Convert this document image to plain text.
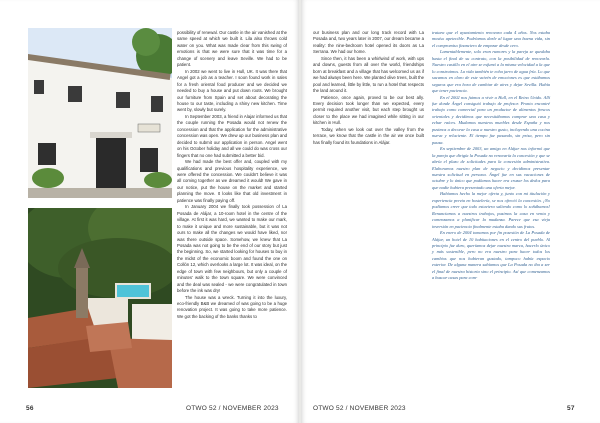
possibility of renewal. Our castle in the air vanished at the same speed at which we built it. Lila also throws cold water on you. What was made clear from this swing of emotions is that we were sure that it was time for a change of scenery and leave Seville. We had to be patient.

In 2002 we went to live in Hull, UK. It was there that Angel got a job as a teacher. I soon found work in sales for a fresh oriental food producer and we decided we needed to buy a house and put down roots. We brought our furniture from Spain and set about decorating the house to our taste, including a shiny new kitchen. Time went by, slowly but surely.

In September 2003, a friend in Alajar informed us that the couple running the Posada would not renew the concession and that the application for the administrative concession was open. We drew up our business plan and decided to submit our application in person. Angel went on his October holiday and all we could do was cross our fingers that no one had submitted a better bid.

We had made the best offer and, coupled with my qualifications and previous hospitality experience, we were offered the concession. We couldn't believe it was all coming together as we dreamed it would! We gave in our notice, put the house on the market and started planning the move. It looks like that old investment in patience was finally paying off.

In January 2004 we finally took possession of La Posada de Alájar, a 10-room hotel in the centre of the village. At first it was hard, we wanted to make our mark, to make it unique and more sustainable, but it was not ours to make all the changes we would have liked, nor was there outside space. Somehow, we knew that La Posada was not going to be the end of our story but just the beginning. So, we started looking for houses to buy in the midst of the economic boom and found the one on Collón 12, which overlooks a large lot. It was ideal, on the edge of town with few neighbours, but only a couple of minutes' walk to the town square. We were convinced and the deal was sealed - we were congratulated in town before the ink was dry!

The house was a wreck. Turning it into the luxury, eco-friendly B&B we dreamed of was going to be a huge renovation project. It was going to take more patience. We got the backing of the banks thanks to

56	OTWO 52 / NOVEMBER 2023

our business plan and our long track record with La Posada and, two years later in 2007, our dream became a reality: the nine-bedroom hotel opened its doors as La Serrana. We had our home.

Since then, it has been a whirlwind of work, with ups and downs, guests from all over the world, friendships born at breakfast and a village that has welcomed us as if we had always been here. We planted olive trees, built the pool and learned, little by little, to run a hotel that respects the land around it.

Patience, once again, proved to be our best ally. Every decision took longer than we expected, every permit required another visit, but each step brought us closer to the place we had imagined while sitting in our kitchen in Hull.

Today, when we look out over the valley from the terrace, we know that the castle in the air we once built has finally found its foundations in Alájar.

tratara que el ayuntamiento renovara cada 4 años. Nos estaba mosíso apetecible. Podríamos darle al lugar una buena vida, sin el compromiso financiero de empezar desde cero.

Lamentablemente, solo eran rumores y la pareja se quedaba hasta el final de su contrato, con la posibilidad de renovarla. Nuestro castillo en el aire se esfumó a la misma velocidad a la que lo construimos. La vida también te echa jarro de agua fría. Lo que sacamos en claro de este vaivén de emociones es que estábamos seguros que era hora de cambiar de aires y dejar Sevilla. Había que tener paciencia.

En el 2002 nos fuimos a vivir a Hull, en el Reino Unido. Allí fue donde Ángel consiguió trabajo de profesor. Pronto encontré trabajo como comercial para un productor de alimentos frescos orientales y decidimos que necesitábamos comprar una casa y echar raíces. Mudamos nuestros muebles desde España y nos pusimos a decorar la casa a nuestro gusto, incluyendo una cocina nueva y reluciente. El tiempo fue pasando, sin prisa, pero sin pausa.

En septiembre de 2003, un amigo en Alájar nos informó que la pareja que dirigía la Posada no renovaría la concesión y que se abría el plazo de solicitudes para la concesión administrativa. Elaboramos nuestro plan de negocio y decidimos presentar nuestra solicitud en persona. Ángel fue en sus vacaciones de octubre y lo único que podíamos hacer era cruzar los dedos para que nadie hubiera presentado una oferta mejor.

Habíamos hecho la mejor oferta y, junto con mi titulación y experiencia previa en hostelería, se nos ofreció la concesión. ¡No podíamos creer que todo estuviera saliendo como lo soñábamos! Renunciamos a nuestros trabajos, pusimos la casa en venta y comenzamos a planificar la mudanza. Parece que esa vieja inversión en paciencia finalmente estaba dando sus frutos.

En enero de 2004 tomamos por fin posesión de La Posada de Alájar, un hotel de 10 habitaciones en el centro del pueblo. Al principio fue duro, queríamos dejar nuestra marca, hacerlo único y más sostenible, pero no era nuestro para hacer todos los cambios que nos hubieran gustado, tampoco había espacio exterior. De alguna manera sabíamos que La Posada no iba a ser el final de nuestra historia sino el principio. Así que comenzamos a buscar casas para com-

OTWO 52 / NOVEMBER 2023	57
